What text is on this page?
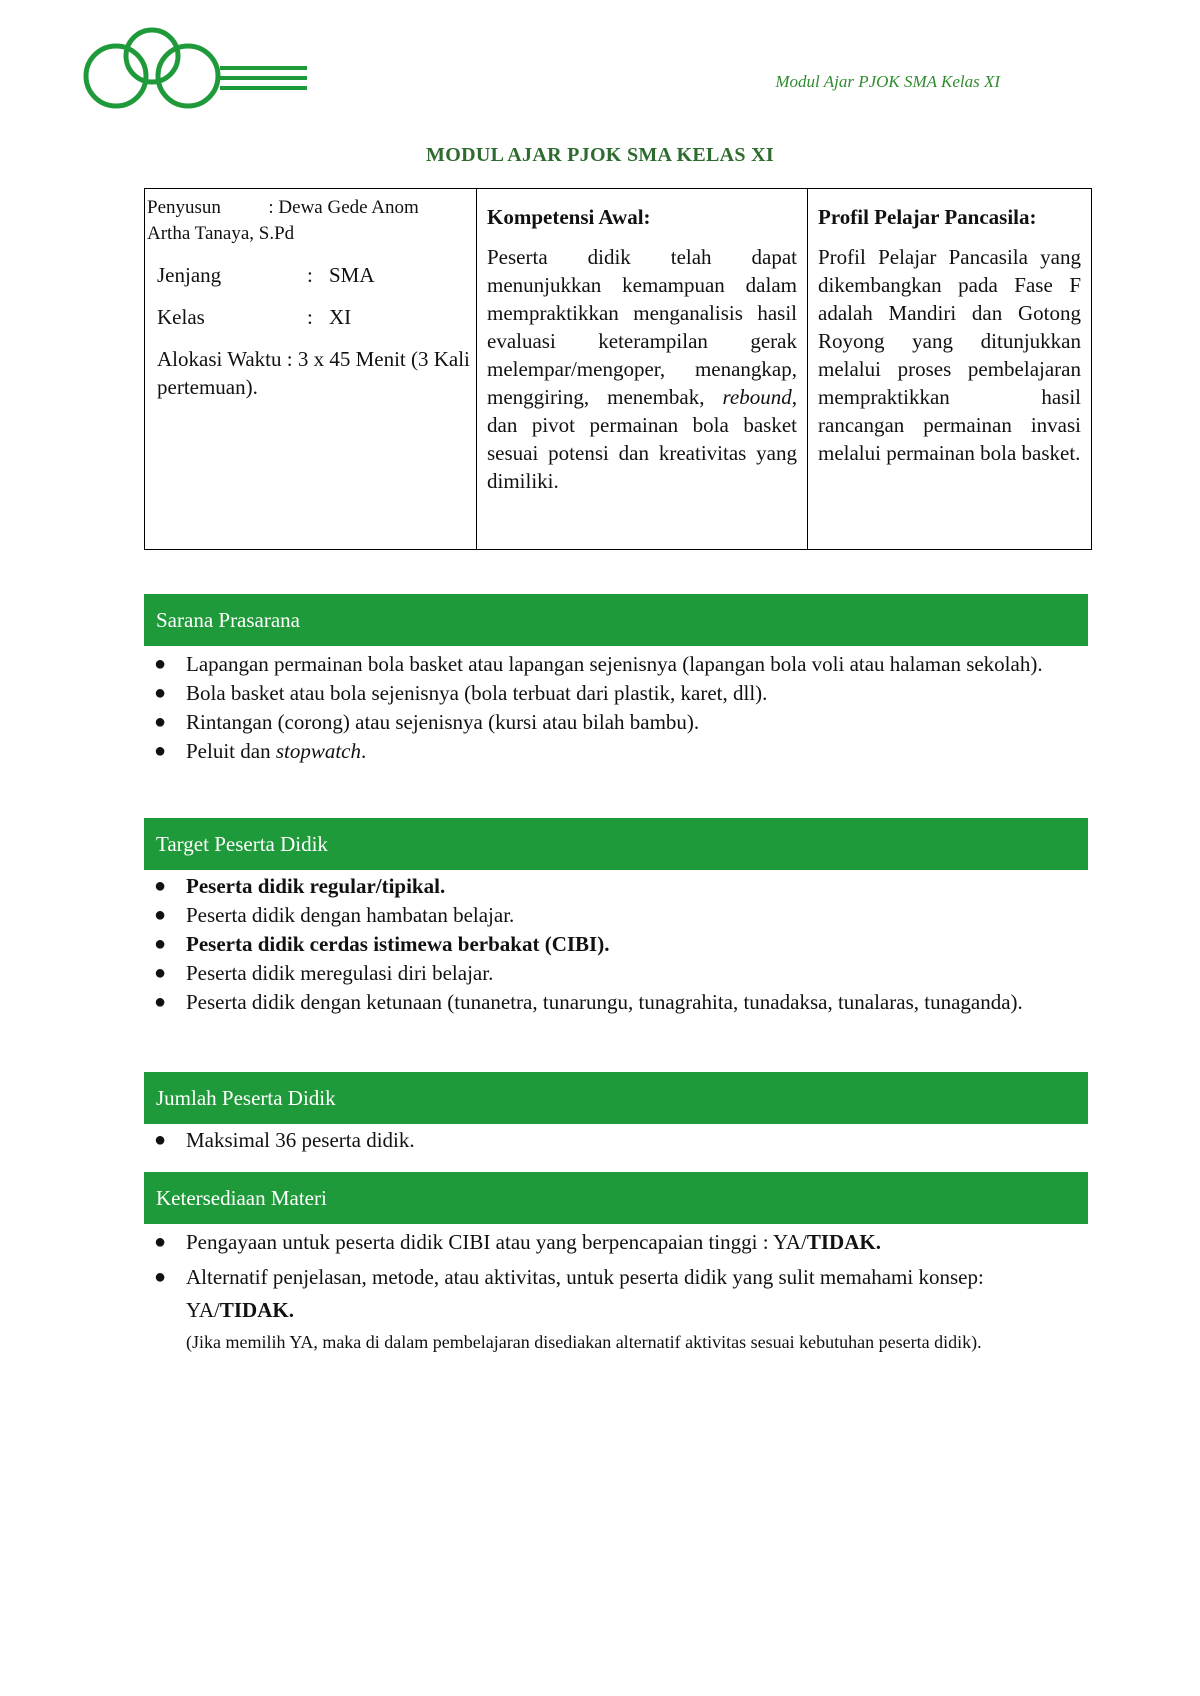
Modul Ajar PJOK SMA Kelas XI
MODUL AJAR PJOK SMA KELAS XI
Penyusun	: Dewa Gede Anom
Artha Tanaya, S.Pd
Jenjang	: SMA
Kelas	: XI
Alokasi Waktu : 3 x 45 Menit (3 Kali pertemuan).

Kompetensi Awal:
Peserta didik telah dapat menunjukkan kemampuan dalam mempraktikkan menganalisis hasil evaluasi keterampilan gerak melempar/mengoper, menangkap, menggiring, menembak, rebound, dan pivot permainan bola basket sesuai potensi dan kreativitas yang dimiliki.

Profil Pelajar Pancasila:
Profil Pelajar Pancasila yang dikembangkan pada Fase F adalah Mandiri dan Gotong Royong yang ditunjukkan melalui proses pembelajaran mempraktikkan hasil rancangan permainan invasi melalui permainan bola basket.
Sarana Prasarana
● Lapangan permainan bola basket atau lapangan sejenisnya (lapangan bola voli atau halaman sekolah).
● Bola basket atau bola sejenisnya (bola terbuat dari plastik, karet, dll).
● Rintangan (corong) atau sejenisnya (kursi atau bilah bambu).
● Peluit dan stopwatch.
Target Peserta Didik
● Peserta didik regular/tipikal.
● Peserta didik dengan hambatan belajar.
● Peserta didik cerdas istimewa berbakat (CIBI).
● Peserta didik meregulasi diri belajar.
● Peserta didik dengan ketunaan (tunanetra, tunarungu, tunagrahita, tunadaksa, tunalaras, tunaganda).
Jumlah Peserta Didik
● Maksimal 36 peserta didik.
Ketersediaan Materi
● Pengayaan untuk peserta didik CIBI atau yang berpencapaian tinggi : YA/TIDAK.
● Alternatif penjelasan, metode, atau aktivitas, untuk peserta didik yang sulit memahami konsep: YA/TIDAK.
(Jika memilih YA, maka di dalam pembelajaran disediakan alternatif aktivitas sesuai kebutuhan peserta didik).
